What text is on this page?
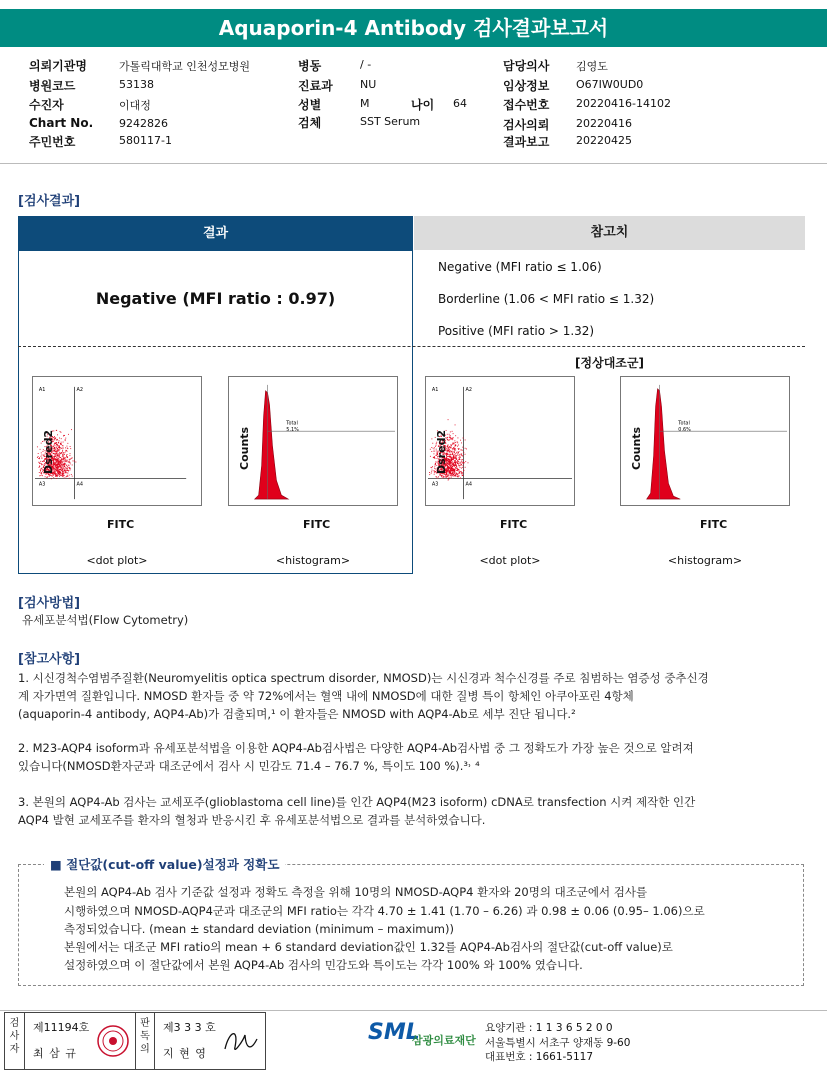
Aquaporin-4 Antibody 검사결과보고서
의뢰기관명	가톨릭대학교 인천성모병원
병원코드	53138
수진자	이대정
Chart No. 9242826
주민번호	580117-1
병동	/ -
진료과 NU
성별	M
검체	SST Serum
나이 64
담당의사 김영도
임상정보 O67IW0UD0
접수번호 20220416-14102
검사의뢰 20220416
결과보고 20220425
[검사결과]
결과
Negative (MFI ratio : 0.97)
참고치
Negative (MFI ratio ≤ 1.06)
Borderline (1.06 < MFI ratio ≤ 1.32)
Positive (MFI ratio > 1.32)
[정상대조군]
A1	A2
A3	A4
Dsred2
FITC
<dot plot>
Total
5.1%
Counts
FITC
<histogram>
A1	A2
A3	A4
Dsred2
FITC
<dot plot>
Total
0.6%
Counts
FITC
<histogram>
[검사방법]
유세포분석법(Flow Cytometry)
[참고사항]
1. 시신경척수염범주질환(Neuromyelitis optica spectrum disorder, NMOSD)는 시신경과 척수신경를 주로 침범하는 염증성 중추신경
계 자가면역 질환입니다. NMOSD 환자들 중 약 72%에서는 혈액 내에 NMOSD에 대한 질병 특이 항체인 아쿠아포린 4항체
(aquaporin-4 antibody, AQP4-Ab)가 검출되며,¹ 이 환자들은 NMOSD with AQP4-Ab로 세부 진단 됩니다.²
2. M23-AQP4 isoform과 유세포분석법을 이용한 AQP4-Ab검사법은 다양한 AQP4-Ab검사법 중 그 정확도가 가장 높은 것으로 알려져
있습니다(NMOSD환자군과 대조군에서 검사 시 민감도 71.4 – 76.7 %, 특이도 100 %).³˒ ⁴
3. 본원의 AQP4-Ab 검사는 교세포주(glioblastoma cell line)를 인간 AQP4(M23 isoform) cDNA로 transfection 시켜 제작한 인간
AQP4 발현 교세포주를 환자의 혈청과 반응시킨 후 유세포분석법으로 결과를 분석하였습니다.
■ 절단값(cut-off value)설정과 정확도
본원의 AQP4-Ab 검사 기준값 설정과 정확도 측정을 위해 10명의 NMOSD-AQP4 환자와 20명의 대조군에서 검사를
시행하였으며 NMOSD-AQP4군과 대조군의 MFI ratio는 각각 4.70 ± 1.41 (1.70 – 6.26) 과 0.98 ± 0.06 (0.95– 1.06)으로
측정되었습니다. (mean ± standard deviation (minimum – maximum))
본원에서는 대조군 MFI ratio의 mean + 6 standard deviation값인 1.32를 AQP4-Ab검사의 절단값(cut-off value)로
설정하였으며 이 절단값에서 본원 AQP4-Ab 검사의 민감도와 특이도는 각각 100% 와 100% 였습니다.
검사자
제11194호
최 삼 규
판독의
제3 3 3 호
지 현 영
SML
삼광의료재단
요양기관 : 1 1 3 6 5 2 0 0
서울특별시 서초구 양재동 9-60
대표번호 : 1661-5117
